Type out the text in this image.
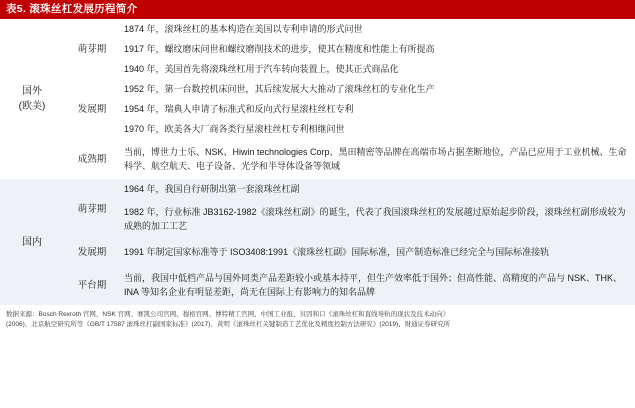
表5. 滚珠丝杠发展历程简介
国外
(欧美)	萌芽期	1874 年，滚珠丝杠的基本构造在美国以专利申请的形式问世
		1917 年，螺纹磨床问世和螺纹磨削技术的进步，使其在精度和性能上有所提高
		1940 年，美国首先将滚珠丝杠用于汽车转向装置上，使其正式商品化
	发展期	1952 年，第一台数控机床问世，其后续发展大大推动了滚珠丝杠的专业化生产
		1954 年，瑞典人申请了标准式和反向式行星滚柱丝杠专利
		1970 年，欧美各大厂商各类行星滚柱丝杠专利相继问世
	成熟期	当前，博世力士乐、NSK、Hiwin technologies Corp、黑田精密等品牌在高端市场占据垄断地位，产品已应用于工业机械、生命科学、航空航天、电子设备、光学和半导体设备等领域

国内	萌芽期	1964 年，我国自行研制出第一套滚珠丝杠副
		1982 年，行业标准 JB3162-1982《滚珠丝杠副》的诞生，代表了我国滚珠丝杠的发展越过原始起步阶段，滚珠丝杠副形成较为成熟的加工工艺
	发展期	1991 年制定国家标准等于 ISO3408:1991《滚珠丝杠副》国际标准，国产制造标准已经完全与国际标准接轨
	平台期	当前，我国中低档产品与国外同类产品差距较小或基本持平，但生产效率低于国外；但高性能、高精度的产品与 NSK、THK、INA 等知名企业有明显差距，尚无在国际上有影响力的知名品牌
数据来源：Bosch Rexroth 官网、NSK 官网、赛凯公司官网、穆格官网、博特精工官网、中国工业报、贝因和口《滚珠丝杠和直线导轨的现状及技术动向》
(2006)、北京航空研究所等《GB/T 17587 滚珠丝杠副国家标准》(2017)、黄明《滚珠丝杠关键制造工艺优化及精度控制方法研究》(2019)、财通证券研究所
